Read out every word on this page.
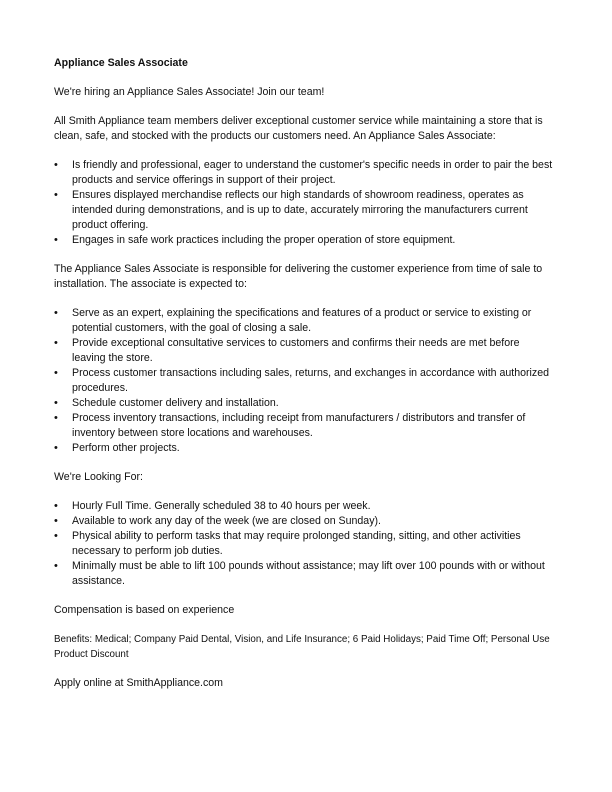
Appliance Sales Associate

We're hiring an Appliance Sales Associate! Join our team!

All Smith Appliance team members deliver exceptional customer service while maintaining a store that is clean, safe, and stocked with the products our customers need. An Appliance Sales Associate:

• Is friendly and professional, eager to understand the customer's specific needs in order to pair the best products and service offerings in support of their project.
• Ensures displayed merchandise reflects our high standards of showroom readiness, operates as intended during demonstrations, and is up to date, accurately mirroring the manufacturers current product offering.
• Engages in safe work practices including the proper operation of store equipment.

The Appliance Sales Associate is responsible for delivering the customer experience from time of sale to installation. The associate is expected to:

• Serve as an expert, explaining the specifications and features of a product or service to existing or potential customers, with the goal of closing a sale.
• Provide exceptional consultative services to customers and confirms their needs are met before leaving the store.
• Process customer transactions including sales, returns, and exchanges in accordance with authorized procedures.
• Schedule customer delivery and installation.
• Process inventory transactions, including receipt from manufacturers / distributors and transfer of inventory between store locations and warehouses.
• Perform other projects.

We're Looking For:

• Hourly Full Time. Generally scheduled 38 to 40 hours per week.
• Available to work any day of the week (we are closed on Sunday).
• Physical ability to perform tasks that may require prolonged standing, sitting, and other activities necessary to perform job duties.
• Minimally must be able to lift 100 pounds without assistance; may lift over 100 pounds with or without assistance.

Compensation is based on experience

Benefits: Medical; Company Paid Dental, Vision, and Life Insurance; 6 Paid Holidays; Paid Time Off; Personal Use Product Discount

Apply online at SmithAppliance.com
